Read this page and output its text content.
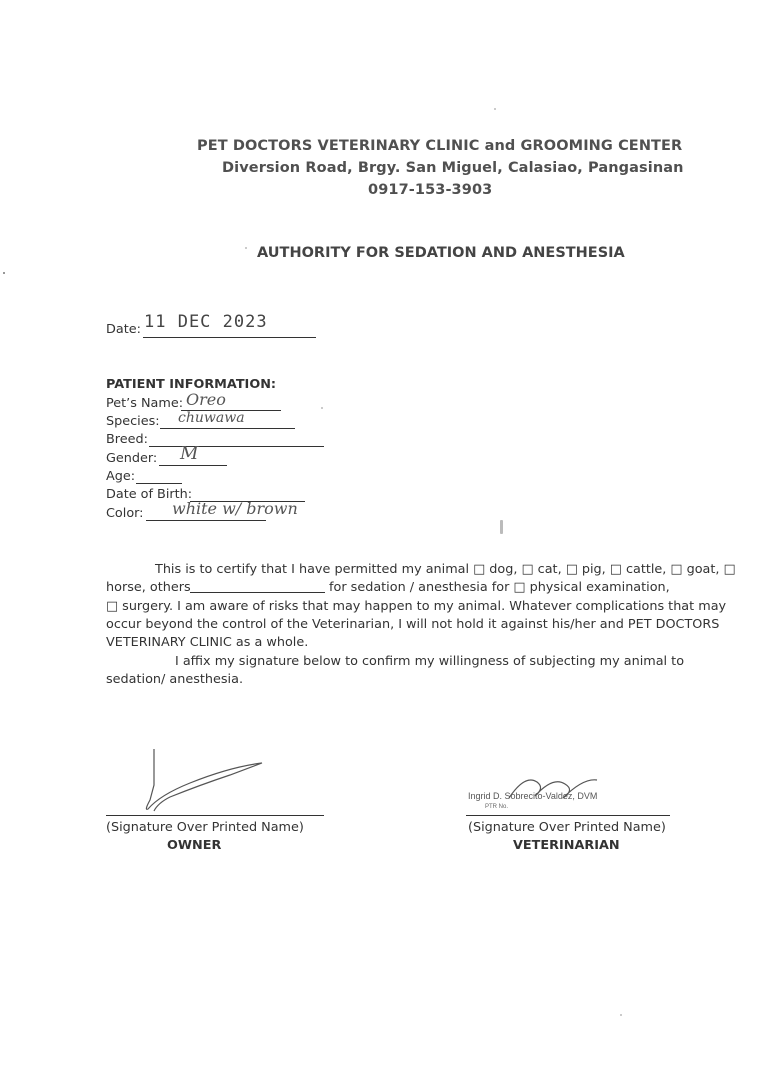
PET DOCTORS VETERINARY CLINIC and GROOMING CENTER
Diversion Road, Brgy. San Miguel, Calasiao, Pangasinan
0917-153-3903
AUTHORITY FOR SEDATION AND ANESTHESIA
Date: 11 DEC 2023
PATIENT INFORMATION:
Pet’s Name: Oreo
Species: chuwawa
Breed:
Gender: M
Age:
Date of Birth:
Color: white w/ brown
This is to certify that I have permitted my animal □ dog, □ cat, □ pig, □ cattle, □ goat, □
horse, others	for sedation / anesthesia for □ physical examination,
□ surgery. I am aware of risks that may happen to my animal. Whatever complications that may
occur beyond the control of the Veterinarian, I will not hold it against his/her and PET DOCTORS
VETERINARY CLINIC as a whole.
I affix my signature below to confirm my willingness of subjecting my animal to
sedation/ anesthesia.
(Signature Over Printed Name)
OWNER
Ingrid D. Sobrecito-Valdez, DVM
PTR No.
(Signature Over Printed Name)
VETERINARIAN
